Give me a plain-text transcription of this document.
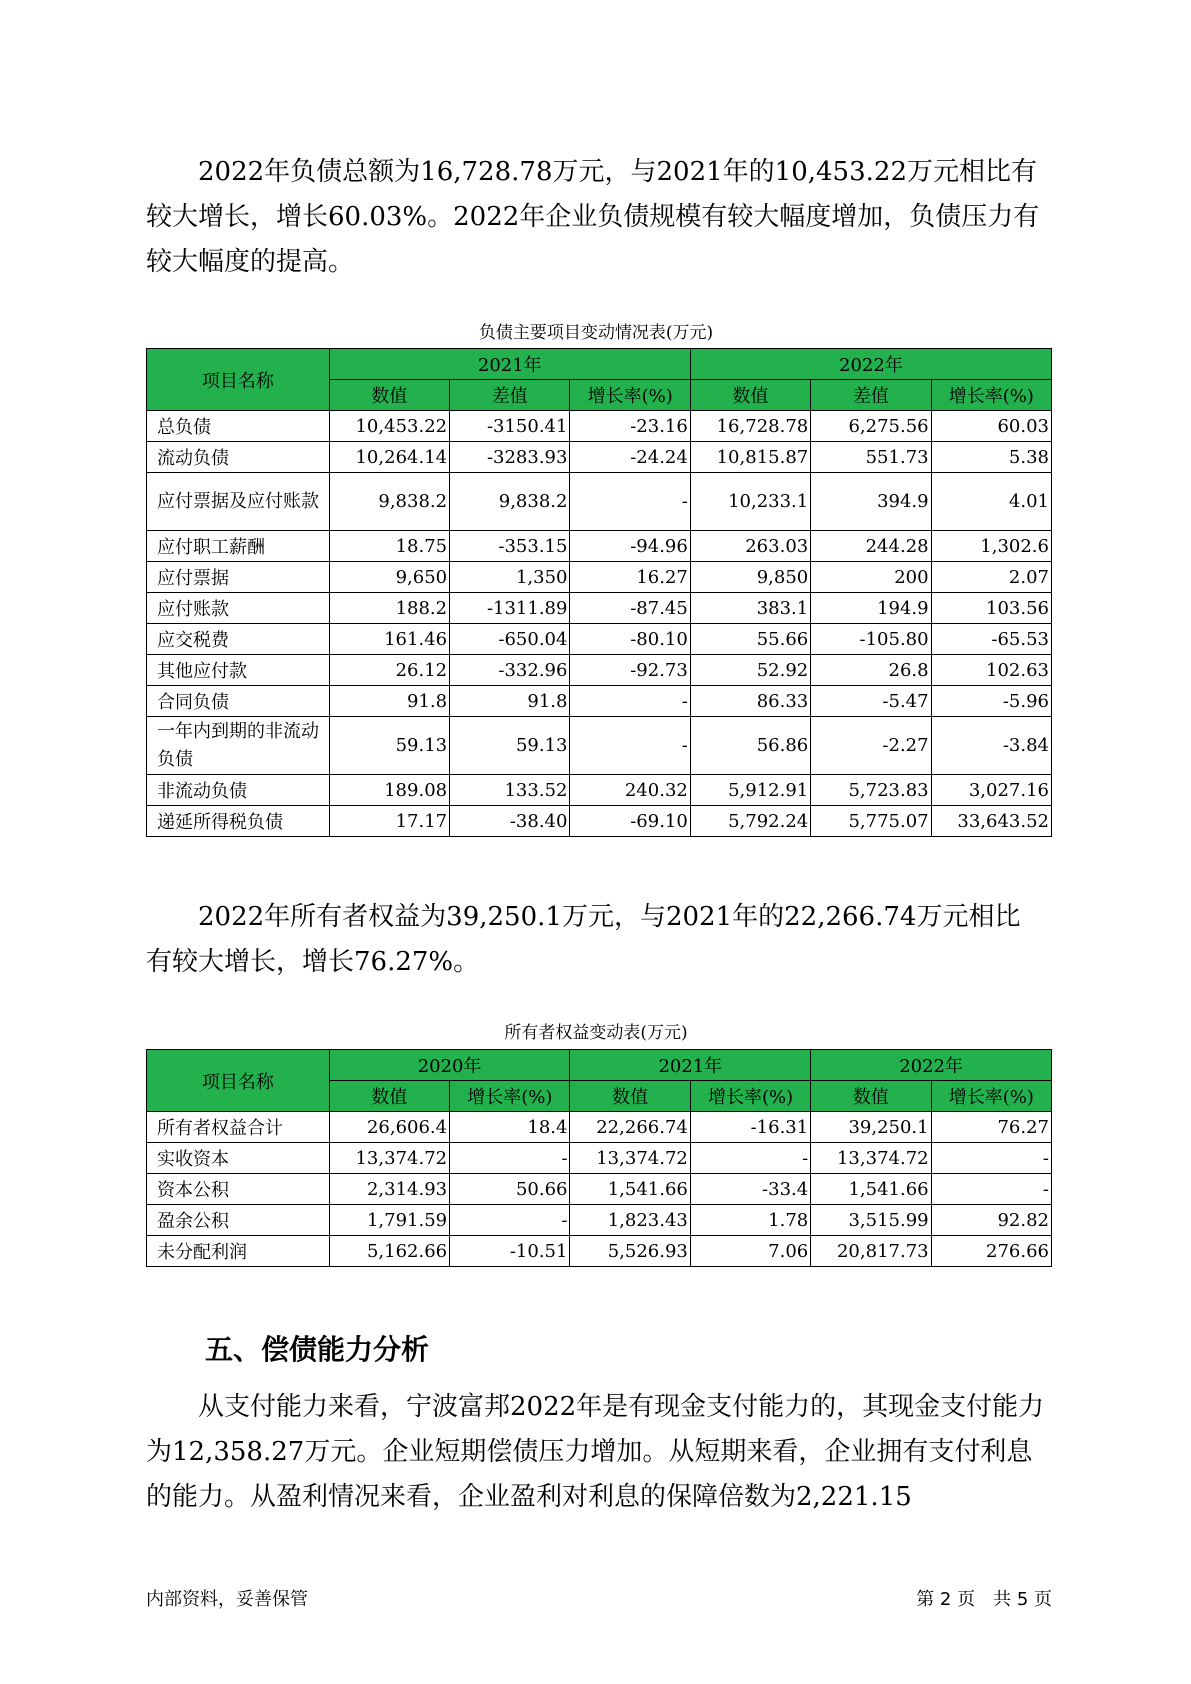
2022年负债总额为16,728.78万元，与2021年的10,453.22万元相比有较大增长，增长60.03%。2022年企业负债规模有较大幅度增加，负债压力有较大幅度的提高。

负债主要项目变动情况表(万元)

项目名称	2021年			2022年		
	数值	差值	增长率(%)	数值	差值	增长率(%)
总负债	10,453.22	-3150.41	-23.16	16,728.78	6,275.56	60.03
流动负债	10,264.14	-3283.93	-24.24	10,815.87	551.73	5.38
应付票据及应付账款	9,838.2	9,838.2	-	10,233.1	394.9	4.01
应付职工薪酬	18.75	-353.15	-94.96	263.03	244.28	1,302.6
应付票据	9,650	1,350	16.27	9,850	200	2.07
应付账款	188.2	-1311.89	-87.45	383.1	194.9	103.56
应交税费	161.46	-650.04	-80.10	55.66	-105.80	-65.53
其他应付款	26.12	-332.96	-92.73	52.92	26.8	102.63
合同负债	91.8	91.8	-	86.33	-5.47	-5.96
一年内到期的非流动负债	59.13	59.13	-	56.86	-2.27	-3.84
非流动负债	189.08	133.52	240.32	5,912.91	5,723.83	3,027.16
递延所得税负债	17.17	-38.40	-69.10	5,792.24	5,775.07	33,643.52

2022年所有者权益为39,250.1万元，与2021年的22,266.74万元相比有较大增长，增长76.27%。

所有者权益变动表(万元)

项目名称	2020年		2021年		2022年	
	数值	增长率(%)	数值	增长率(%)	数值	增长率(%)
所有者权益合计	26,606.4	18.4	22,266.74	-16.31	39,250.1	76.27
实收资本	13,374.72	-	13,374.72	-	13,374.72	-
资本公积	2,314.93	50.66	1,541.66	-33.4	1,541.66	-
盈余公积	1,791.59	-	1,823.43	1.78	3,515.99	92.82
未分配利润	5,162.66	-10.51	5,526.93	7.06	20,817.73	276.66
五、偿债能力分析

从支付能力来看，宁波富邦2022年是有现金支付能力的，其现金支付能力为12,358.27万元。企业短期偿债压力增加。从短期来看，企业拥有支付利息的能力。从盈利情况来看，企业盈利对利息的保障倍数为2,221.15

内部资料，妥善保管	第 2 页　共 5 页
